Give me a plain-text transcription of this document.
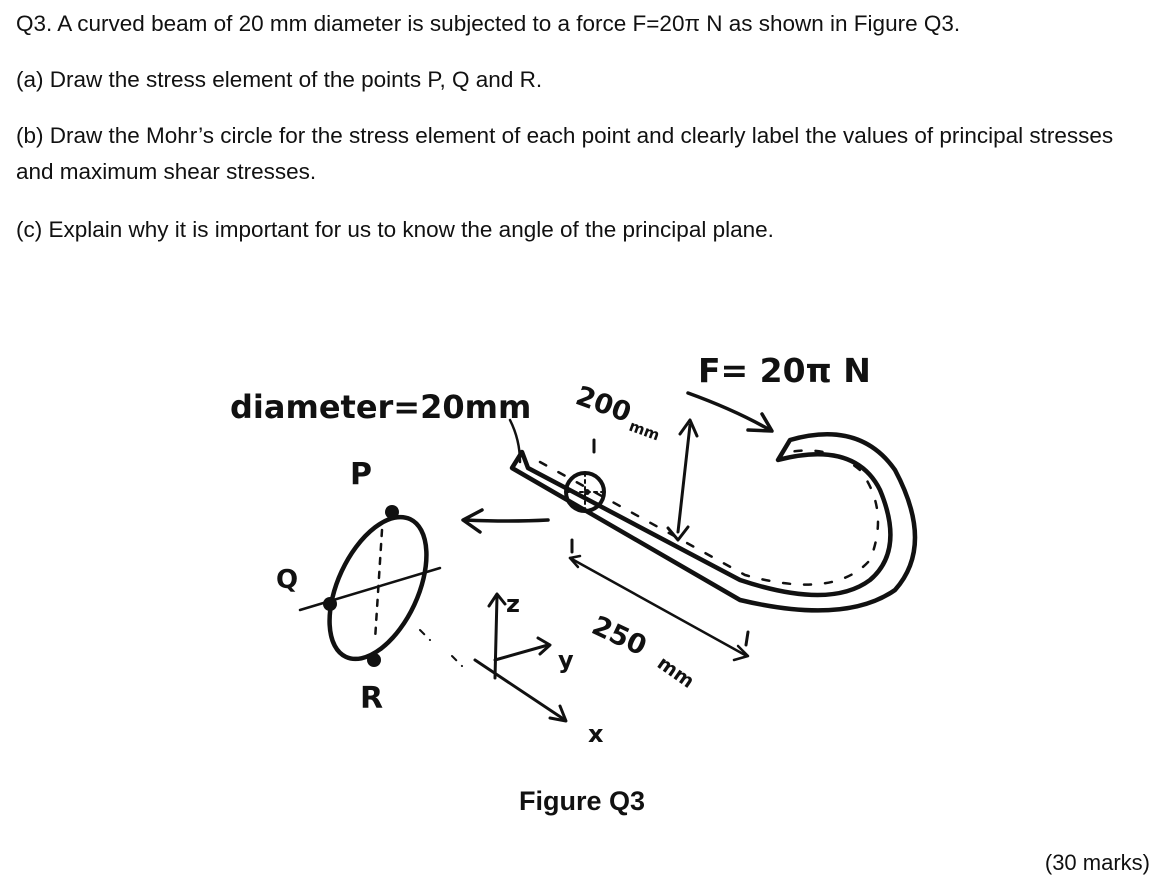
Q3. A curved beam of 20 mm diameter is subjected to a force F=20π N as shown in Figure Q3.
(a) Draw the stress element of the points P, Q and R.
(b) Draw the Mohr’s circle for the stress element of each point and clearly label the values of principal stresses and maximum shear stresses.
(c) Explain why it is important for us to know the angle of the principal plane.
F= 20π N
diameter=20mm 200
mm
250
mm
P
Q
R
z
y
x
Figure Q3
(30 marks)
